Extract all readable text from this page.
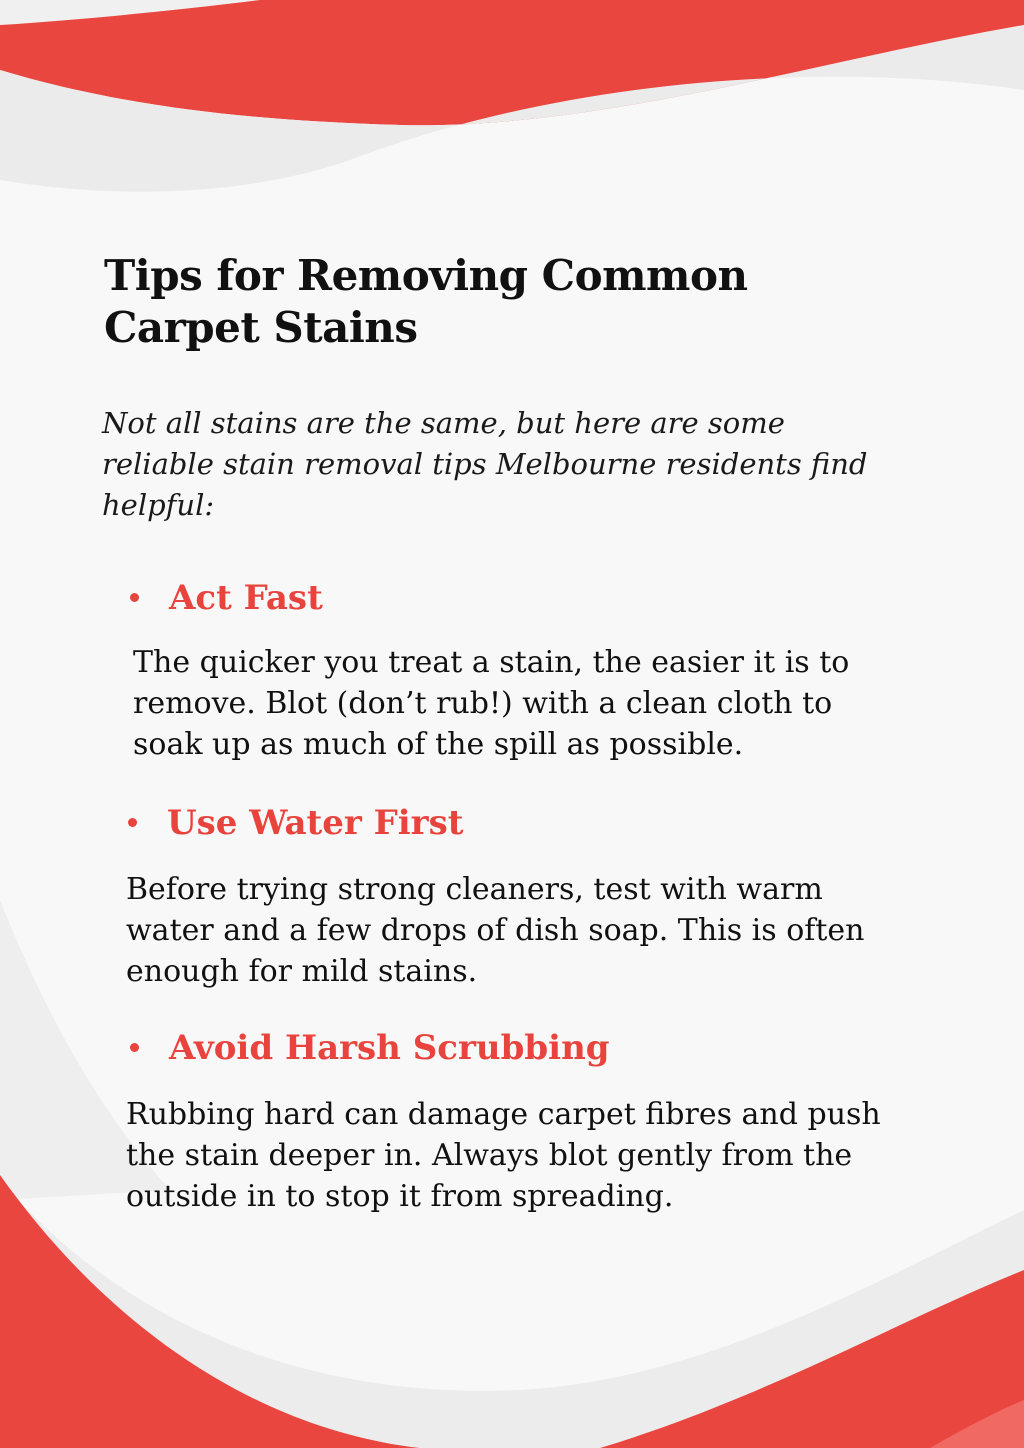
Tips for Removing Common Carpet Stains

Not all stains are the same, but here are some reliable stain removal tips Melbourne residents find helpful:

Act Fast

The quicker you treat a stain, the easier it is to remove. Blot (don’t rub!) with a clean cloth to soak up as much of the spill as possible.

Use Water First

Before trying strong cleaners, test with warm water and a few drops of dish soap. This is often enough for mild stains.

Avoid Harsh Scrubbing

Rubbing hard can damage carpet fibres and push the stain deeper in. Always blot gently from the outside in to stop it from spreading.
